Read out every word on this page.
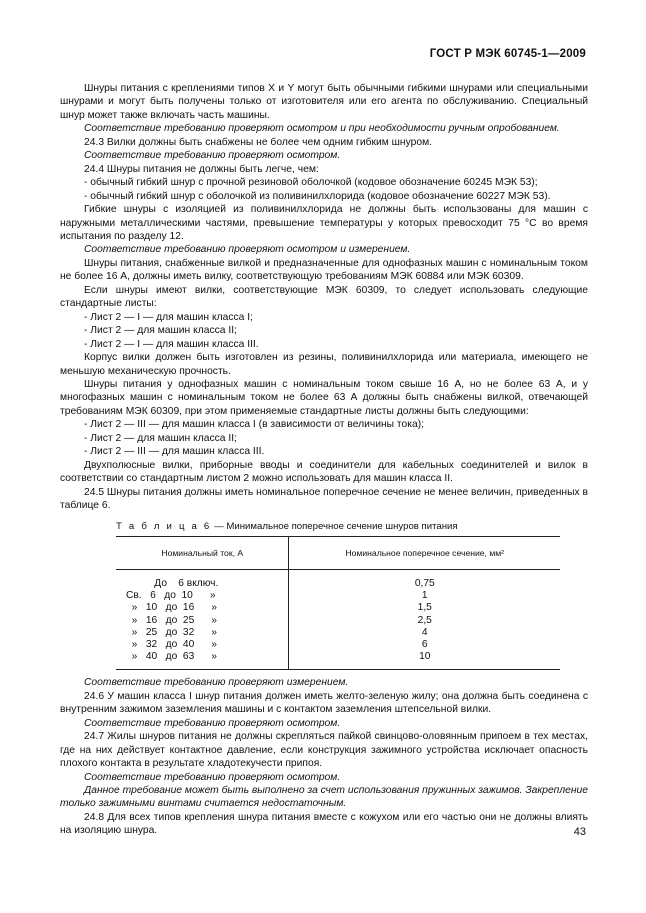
ГОСТ Р МЭК 60745-1—2009

Шнуры питания с креплениями типов X и Y могут быть обычными гибкими шнурами или специальными шнурами и могут быть получены только от изготовителя или его агента по обслуживанию. Специальный шнур может также включать часть машины.

Соответствие требованию проверяют осмотром и при необходимости ручным опробованием.

24.3 Вилки должны быть снабжены не более чем одним гибким шнуром.

Соответствие требованию проверяют осмотром.

24.4 Шнуры питания не должны быть легче, чем:

- обычный гибкий шнур с прочной резиновой оболочкой (кодовое обозначение 60245 МЭК 53);

- обычный гибкий шнур с оболочкой из поливинилхлорида (кодовое обозначение 60227 МЭК 53).

Гибкие шнуры с изоляцией из поливинилхлорида не должны быть использованы для машин с наружными металлическими частями, превышение температуры у которых превосходит 75 °С во время испытания по разделу 12.

Соответствие требованию проверяют осмотром и измерением.

Шнуры питания, снабженные вилкой и предназначенные для однофазных машин с номинальным током не более 16 А, должны иметь вилку, соответствующую требованиям МЭК 60884 или МЭК 60309.

Если шнуры имеют вилки, соответствующие МЭК 60309, то следует использовать следующие стандартные листы:

- Лист 2 — I — для машин класса I;

- Лист 2 — для машин класса II;

- Лист 2 — I — для машин класса III.

Корпус вилки должен быть изготовлен из резины, поливинилхлорида или материала, имеющего не меньшую механическую прочность.

Шнуры питания у однофазных машин с номинальным током свыше 16 А, но не более 63 А, и у многофазных машин с номинальным током не более 63 А должны быть снабжены вилкой, отвечающей требованиям МЭК 60309, при этом применяемые стандартные листы должны быть следующими:

- Лист 2 — III — для машин класса I (в зависимости от величины тока);

- Лист 2 — для машин класса II;

- Лист 2 — III — для машин класса III.

Двухполюсные вилки, приборные вводы и соединители для кабельных соединителей и вилок в соответствии со стандартным листом 2 можно использовать для машин класса II.

24.5 Шнуры питания должны иметь номинальное поперечное сечение не менее величин, приведенных в таблице 6.

Т а б л и ц а 6 — Минимальное поперечное сечение шнуров питания
Номинальный ток, А	Номинальное поперечное сечение, мм²
До    6 включ.	0,75
Св.   6   до  10      »	1
»   10   до  16      »	1,5
»   16   до  25      »	2,5
»   25   до  32      »	4
»   32   до  40      »	6
»   40   до  63      »	10

Соответствие требованию проверяют измерением.

24.6 У машин класса I шнур питания должен иметь желто-зеленую жилу; она должна быть соединена с внутренним зажимом заземления машины и с контактом заземления штепсельной вилки.

Соответствие требованию проверяют осмотром.

24.7 Жилы шнуров питания не должны скрепляться пайкой свинцово-оловянным припоем в тех местах, где на них действует контактное давление, если конструкция зажимного устройства исключает опасность плохого контакта в результате хладотекучести припоя.

Соответствие требованию проверяют осмотром.

Данное требование может быть выполнено за счет использования пружинных зажимов. Закрепление только зажимными винтами считается недостаточным.

24.8 Для всех типов крепления шнура питания вместе с кожухом или его частью они не должны влиять на изоляцию шнура.	43
